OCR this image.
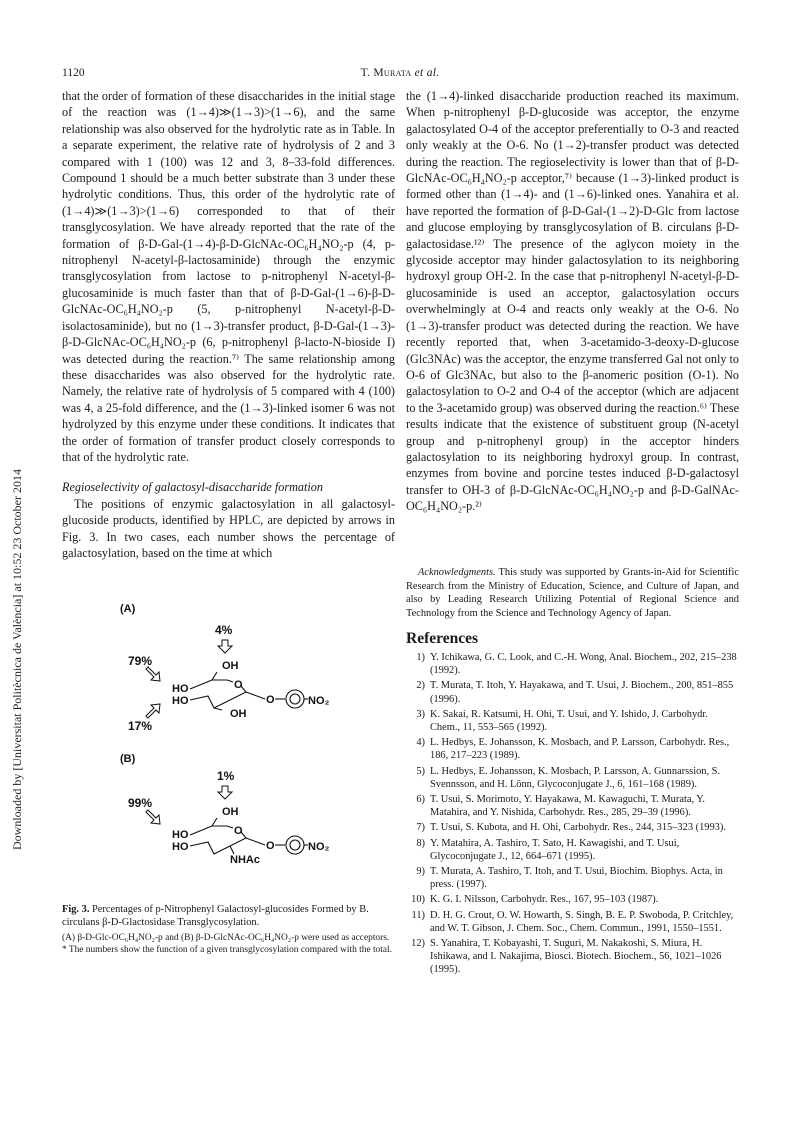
1120	T. Murata et al.
Downloaded by [Universitat Politècnica de València] at 10:52 23 October 2014

that the order of formation of these disaccharides in the initial stage of the reaction was (1→4)≫(1→3)>(1→6), and the same relationship was also observed for the hydrolytic rate as in Table. In a separate experiment, the relative rate of hydrolysis of 2 and 3 compared with 1 (100) was 12 and 3, 8–33-fold differences. Compound 1 should be a much better substrate than 3 under these hydrolytic conditions. Thus, this order of the hydrolytic rate of (1→4)≫(1→3)>(1→6) corresponded to that of their transglycosylation. We have already reported that the rate of the formation of β-D-Gal-(1→4)-β-D-GlcNAc-OC₆H₄NO₂-p (4, p-nitrophenyl N-acetyl-β-lactosaminide) through the enzymic transglycosylation from lactose to p-nitrophenyl N-acetyl-β-glucosaminide is much faster than that of β-D-Gal-(1→6)-β-D-GlcNAc-OC₆H₄NO₂-p (5, p-nitrophenyl N-acetyl-β-D-isolactosaminide), but no (1→3)-transfer product, β-D-Gal-(1→3)-β-D-GlcNAc-OC₆H₄NO₂-p (6, p-nitrophenyl β-lacto-N-bioside I) was detected during the reaction.⁷⁾ The same relationship among these disaccharides was also observed for the hydrolytic rate. Namely, the relative rate of hydrolysis of 5 compared with 4 (100) was 4, a 25-fold difference, and the (1→3)-linked isomer 6 was not hydrolyzed by this enzyme under these conditions. It indicates that the order of formation of transfer product closely corresponds to that of the hydrolytic rate.

Regioselectivity of galactosyl-disaccharide formation

The positions of enzymic galactosylation in all galactosyl-glucoside products, identified by HPLC, are depicted by arrows in Fig. 3. In two cases, each number shows the percentage of galactosylation, based on the time at which

the (1→4)-linked disaccharide production reached its maximum. When p-nitrophenyl β-D-glucoside was acceptor, the enzyme galactosylated O-4 of the acceptor preferentially to O-3 and reacted only weakly at the O-6. No (1→2)-transfer product was detected during the reaction. The regioselectivity is lower than that of β-D-GlcNAc-OC₆H₄NO₂-p acceptor,⁷⁾ because (1→3)-linked product is formed other than (1→4)- and (1→6)-linked ones. Yanahira et al. have reported the formation of β-D-Gal-(1→2)-D-Glc from lactose and glucose employing by transglycosylation of B. circulans β-D-galactosidase.¹²⁾ The presence of the aglycon moiety in the glycoside acceptor may hinder galactosylation to its neighboring hydroxyl group OH-2. In the case that p-nitrophenyl N-acetyl-β-D-glucosaminide is used an acceptor, galactosylation occurs overwhelmingly at O-4 and reacts only weakly at the O-6. No (1→3)-transfer product was detected during the reaction. We have recently reported that, when 3-acetamido-3-deoxy-D-glucose (Glc3NAc) was the acceptor, the enzyme transferred Gal not only to O-6 of Glc3NAc, but also to the β-anomeric position (O-1). No galactosylation to O-2 and O-4 of the acceptor (which are adjacent to the 3-acetamido group) was observed during the reaction.⁶⁾ These results indicate that the existence of substituent group (N-acetyl group and p-nitrophenyl group) in the acceptor hinders galactosylation to its neighboring hydroxyl group. In contrast, enzymes from bovine and porcine testes induced β-D-galactosyl transfer to OH-3 of β-D-GlcNAc-OC₆H₄NO₂-p and β-D-GalNAc-OC₆H₄NO₂-p.²⁾

(A)
4%
79%
17%
OH
HO
HO
OH
O
O	NO₂
(B)
1%
99%
OH
HO
HO
NHAc
O
O	NO₂

Fig. 3. Percentages of p-Nitrophenyl Galactosyl-glucosides Formed by B. circulans β-D-Glactosidase Transglycosylation.

(A) β-D-Glc-OC₆H₄NO₂-p and (B) β-D-GlcNAc-OC₆H₄NO₂-p were used as acceptors.

* The numbers show the function of a given transglycosylation compared with the total.

Acknowledgments. This study was supported by Grants-in-Aid for Scientific Research from the Ministry of Education, Science, and Culture of Japan, and also by Leading Research Utilizing Potential of Regional Science and Technology from the Science and Technology Agency of Japan.
References
1) Y. Ichikawa, G. C. Look, and C.-H. Wong, Anal. Biochem., 202, 215–238 (1992).
2) T. Murata, T. Itoh, Y. Hayakawa, and T. Usui, J. Biochem., 200, 851–855 (1996).
3) K. Sakai, R. Katsumi, H. Ohi, T. Usui, and Y. Ishido, J. Carbohydr. Chem., 11, 553–565 (1992).
4) L. Hedbys, E. Johansson, K. Mosbach, and P. Larsson, Carbohydr. Res., 186, 217–223 (1989).
5) L. Hedbys, E. Johansson, K. Mosbach, P. Larsson, A. Gunnarssion, S. Svennsson, and H. Lönn, Glycoconjugate J., 6, 161–168 (1989).
6) T. Usui, S. Morimoto, Y. Hayakawa, M. Kawaguchi, T. Murata, Y. Matahira, and Y. Nishida, Carbohydr. Res., 285, 29–39 (1996).
7) T. Usui, S. Kubota, and H. Ohi, Carbohydr. Res., 244, 315–323 (1993).
8) Y. Matahira, A. Tashiro, T. Sato, H. Kawagishi, and T. Usui, Glycoconjugate J., 12, 664–671 (1995).
9) T. Murata, A. Tashiro, T. Itoh, and T. Usui, Biochim. Biophys. Acta, in press. (1997).
10) K. G. I. Nilsson, Carbohydr. Res., 167, 95–103 (1987).
11) D. H. G. Crout, O. W. Howarth, S. Singh, B. E. P. Swoboda, P. Critchley, and W. T. Gibson, J. Chem. Soc., Chem. Commun., 1991, 1550–1551.
12) S. Yanahira, T. Kobayashi, T. Suguri, M. Nakakoshi, S. Miura, H. Ishikawa, and I. Nakajima, Biosci. Biotech. Biochem., 56, 1021–1026 (1995).
